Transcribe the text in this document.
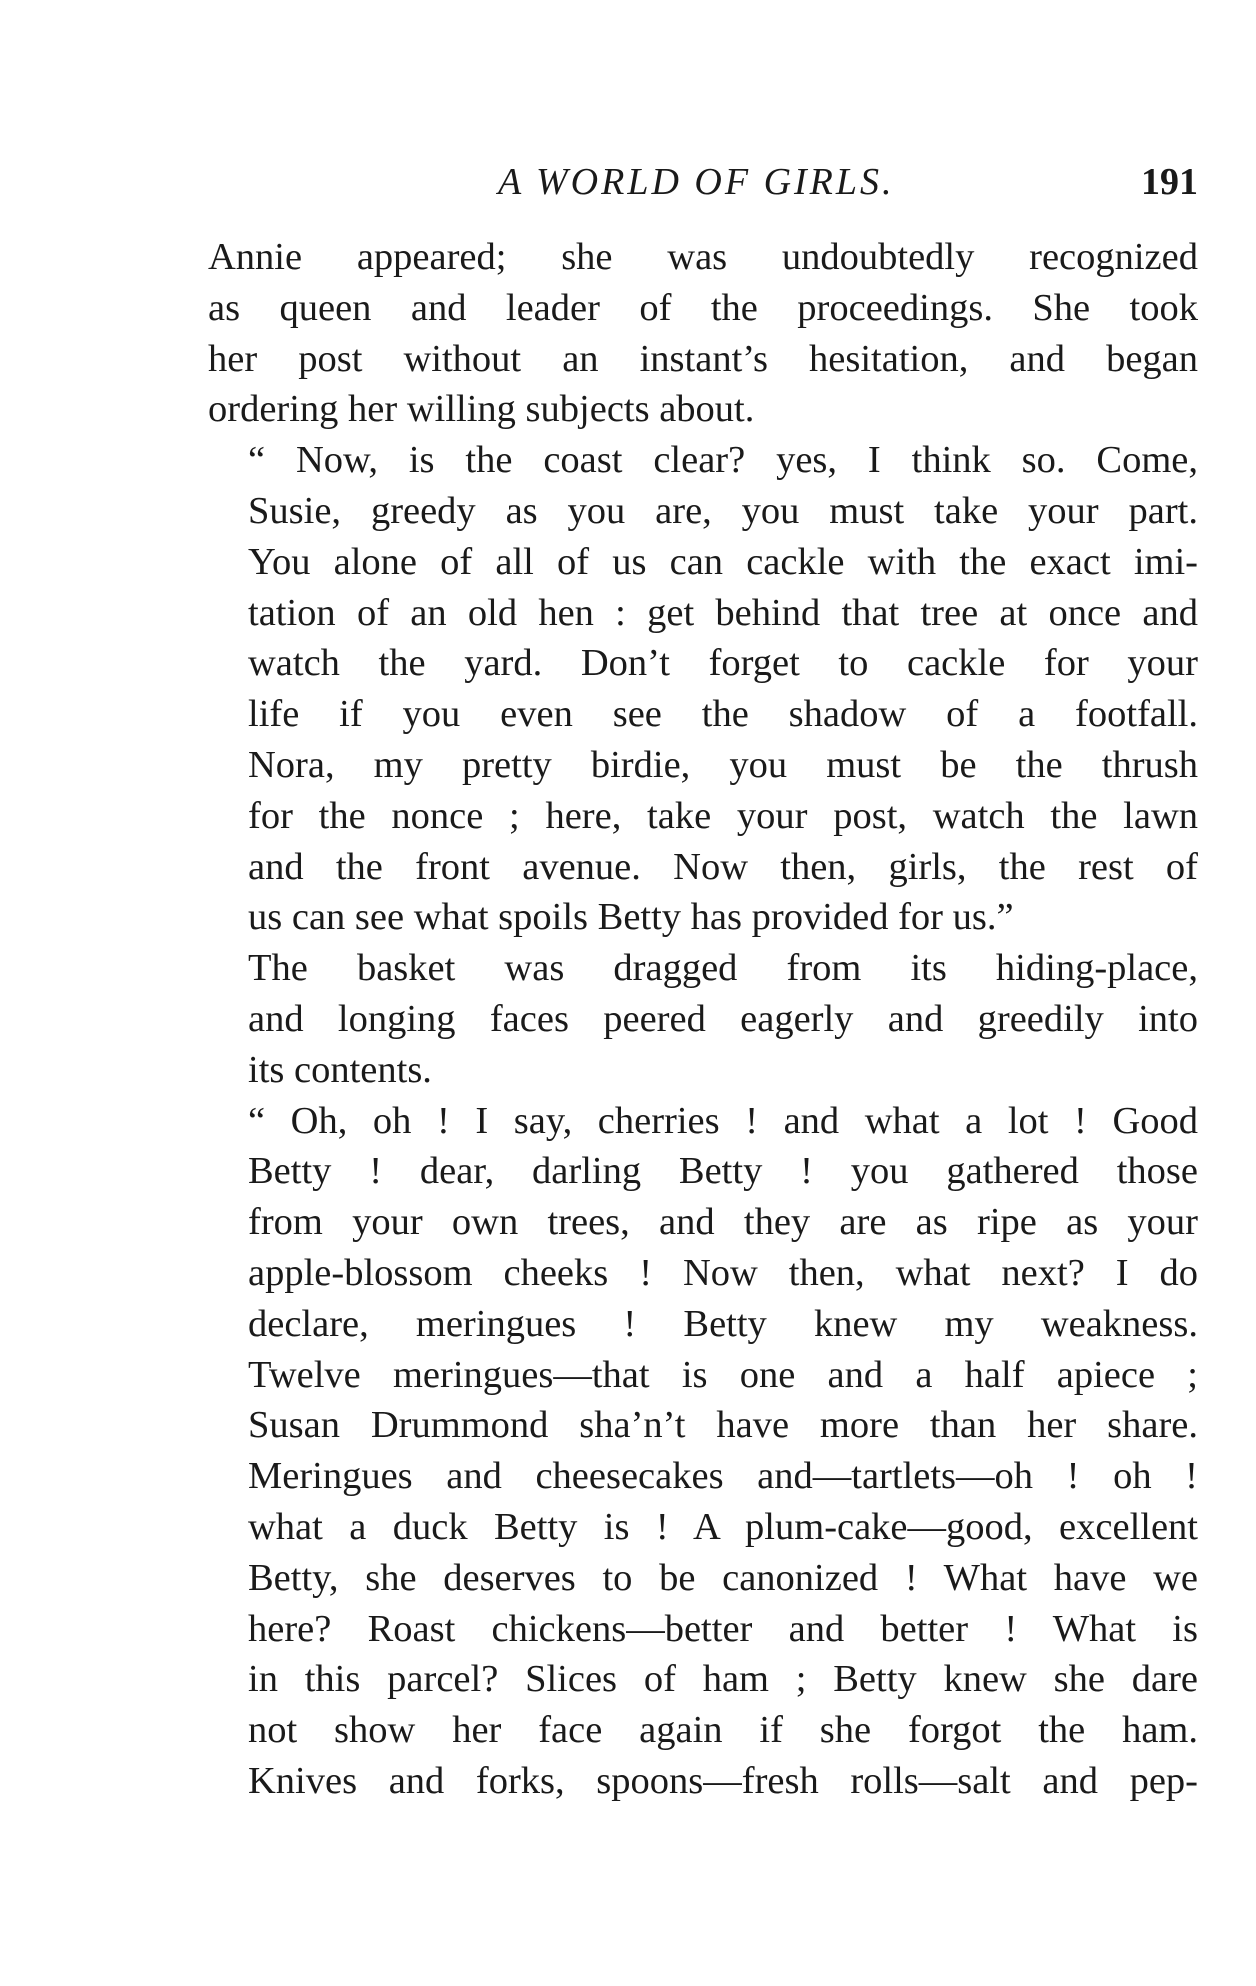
A WORLD OF GIRLS.	191

Annie appeared; she was undoubtedly recognized
as queen and leader of the proceedings. She took
her post without an instant’s hesitation, and began
ordering her willing subjects about.

“ Now, is the coast clear? yes, I think so. Come,
Susie, greedy as you are, you must take your part.
You alone of all of us can cackle with the exact imi-
tation of an old hen : get behind that tree at once and
watch the yard. Don’t forget to cackle for your
life if you even see the shadow of a footfall.
Nora, my pretty birdie, you must be the thrush
for the nonce ; here, take your post, watch the lawn
and the front avenue. Now then, girls, the rest of
us can see what spoils Betty has provided for us.”

The basket was dragged from its hiding-place,
and longing faces peered eagerly and greedily into
its contents.

“ Oh, oh ! I say, cherries ! and what a lot ! Good
Betty ! dear, darling Betty ! you gathered those
from your own trees, and they are as ripe as your
apple-blossom cheeks ! Now then, what next? I do
declare, meringues ! Betty knew my weakness.
Twelve meringues—that is one and a half apiece ;
Susan Drummond sha’n’t have more than her share.
Meringues and cheesecakes and—tartlets—oh ! oh !
what a duck Betty is ! A plum-cake—good, excellent
Betty, she deserves to be canonized ! What have we
here? Roast chickens—better and better ! What is
in this parcel? Slices of ham ; Betty knew she dare
not show her face again if she forgot the ham.
Knives and forks, spoons—fresh rolls—salt and pep-
